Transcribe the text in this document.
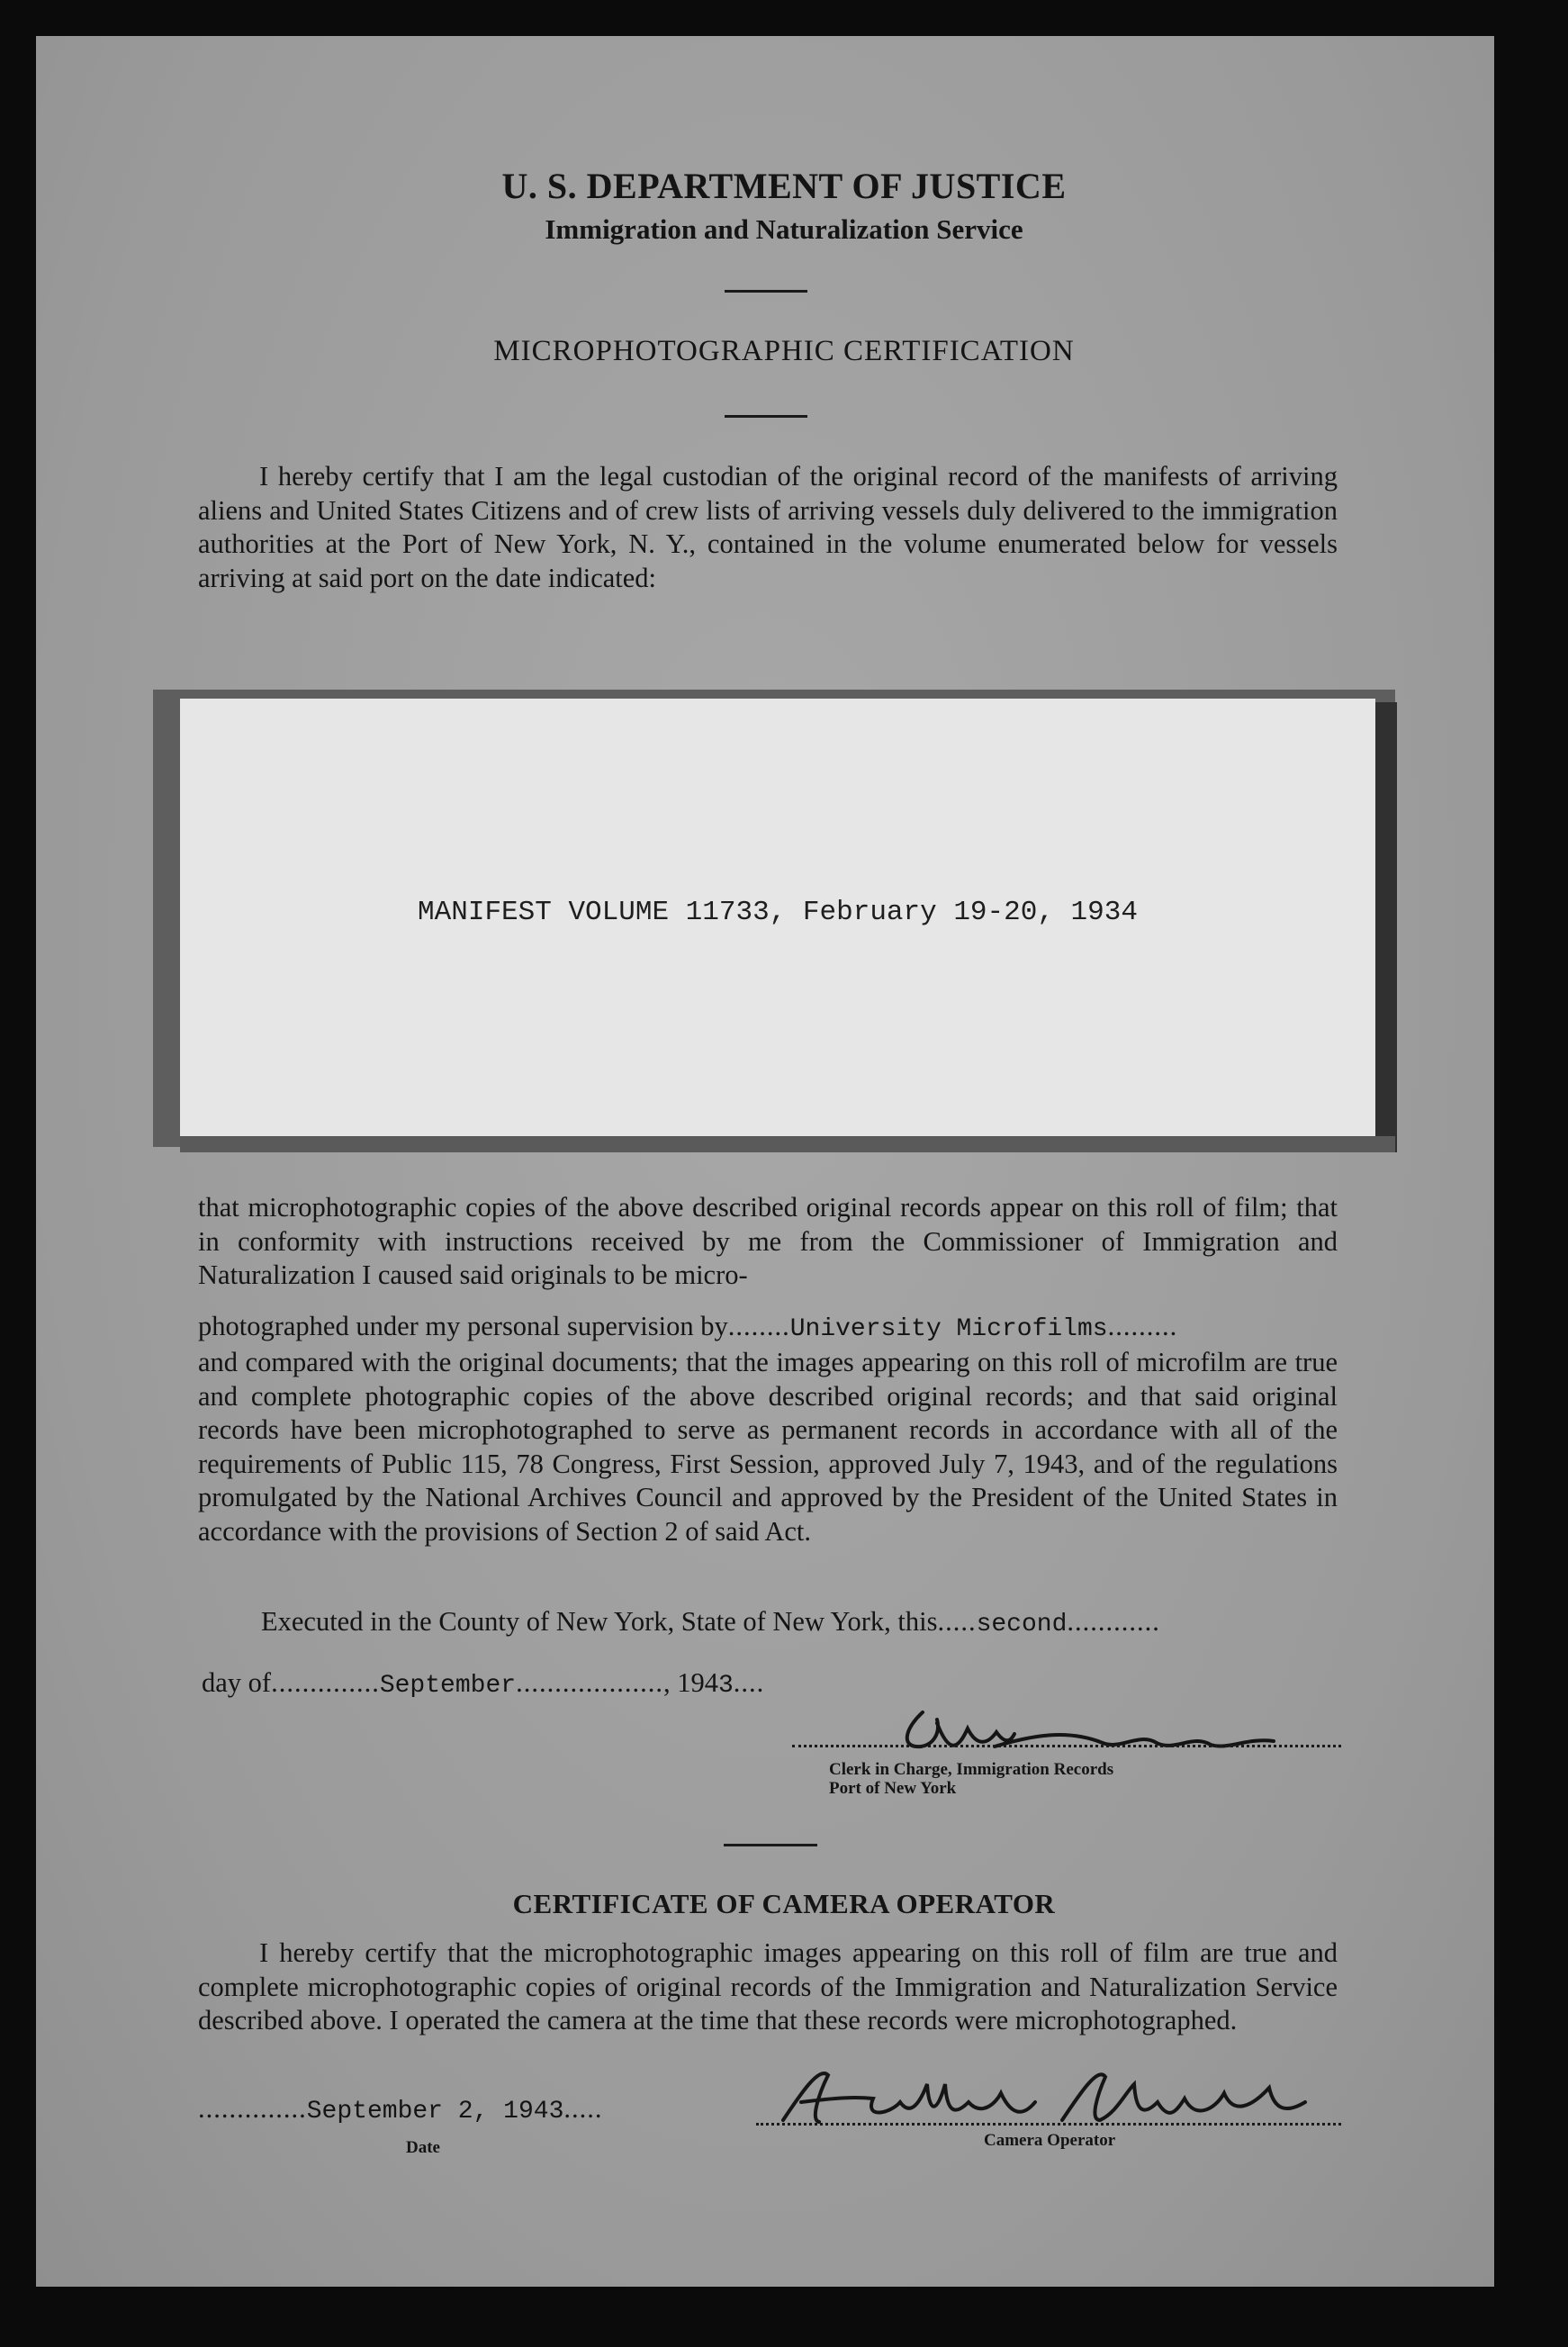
U. S. DEPARTMENT OF JUSTICE
Immigration and Naturalization Service
MICROPHOTOGRAPHIC CERTIFICATION

I hereby certify that I am the legal custodian of the original record of the manifests of arriving aliens and United States Citizens and of crew lists of arriving vessels duly delivered to the immigration authorities at the Port of New York, N. Y., contained in the volume enumerated below for vessels arriving at said port on the date indicated:

MANIFEST VOLUME 11733, February 19-20, 1934

that microphotographic copies of the above described original records appear on this roll of film; that in conformity with instructions received by me from the Commissioner of Immigration and Naturalization I caused said originals to be micro-

photographed under my personal supervision by........University Microfilms.........

and compared with the original documents; that the images appearing on this roll of microfilm are true and complete photographic copies of the above described original records; and that said original records have been microphotographed to serve as permanent records in accordance with all of the requirements of Public 115, 78 Congress, First Session, approved July 7, 1943, and of the regulations promulgated by the National Archives Council and approved by the President of the United States in accordance with the provisions of Section 2 of said Act.

Executed in the County of New York, State of New York, this.....second............
day of..............September..................., 1943....
Clerk in Charge, Immigration Records
Port of New York
CERTIFICATE OF CAMERA OPERATOR

I hereby certify that the microphotographic images appearing on this roll of film are true and complete microphotographic copies of original records of the Immigration and Naturalization Service described above. I operated the camera at the time that these records were microphotographed.

..............September 2, 1943.....
Date	Camera Operator
